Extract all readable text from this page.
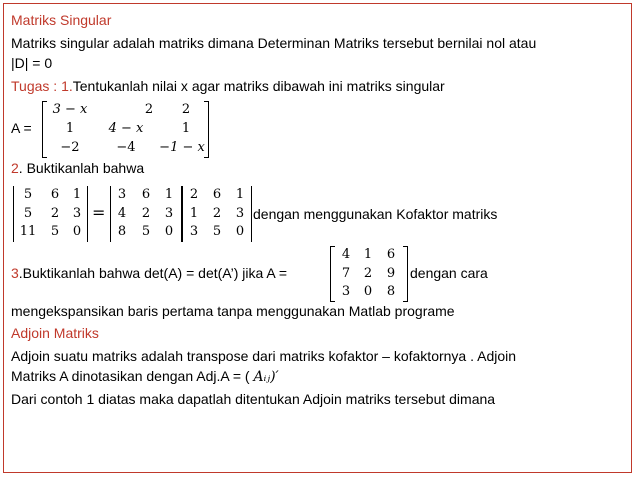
Matriks Singular
Matriks singular adalah matriks dimana Determinan Matriks tersebut bernilai nol atau
|D| = 0
Tugas : 1.Tentukanlah nilai x agar matriks dibawah ini matriks singular
A =
3 − x	2	2
1	4 − x	1
−2	−4	−1 − x
2. Buktikanlah bahwa
5	6	1
5	2	3
11	5	0
=
3	6	1
4	2	3
8	5	0
2	6	1
1	2	3
3	5	0
dengan menggunakan Kofaktor matriks
3.Buktikanlah bahwa det(A) = det(A’) jika A =
4	1	6
7	2	9
3	0	8
dengan cara
mengekspansikan baris pertama tanpa menggunakan Matlab programe
Adjoin Matriks
Adjoin suatu matriks adalah transpose dari matriks kofaktor – kofaktornya . Adjoin
Matriks A dinotasikan dengan Adj.A = ( Aᵢⱼ)′
Dari contoh 1 diatas maka dapatlah ditentukan Adjoin matriks tersebut dimana
